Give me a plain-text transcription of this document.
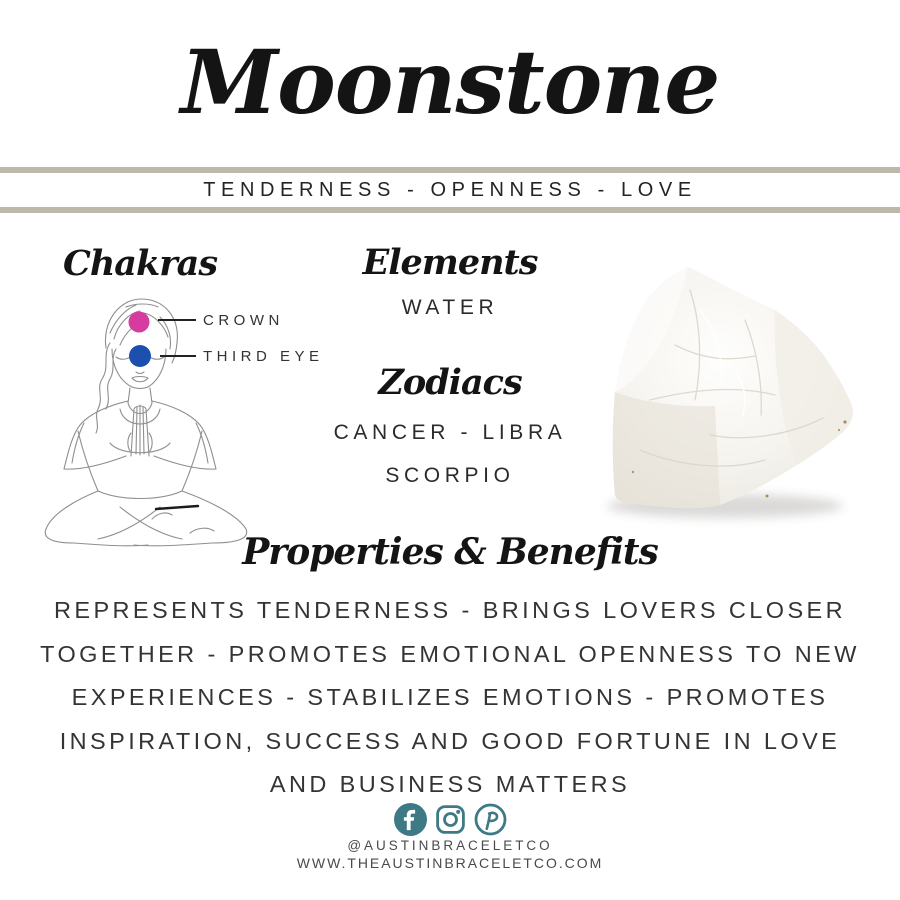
Moonstone
TENDERNESS - OPENNESS - LOVE
Chakras
CROWN
THIRD EYE
Elements
WATER
Zodiacs
CANCER - LIBRA
SCORPIO
Properties & Benefits
REPRESENTS TENDERNESS - BRINGS LOVERS CLOSER
TOGETHER - PROMOTES EMOTIONAL OPENNESS TO NEW
EXPERIENCES - STABILIZES EMOTIONS - PROMOTES
INSPIRATION, SUCCESS AND GOOD FORTUNE IN LOVE
AND BUSINESS MATTERS
@AUSTINBRACELETCO
WWW.THEAUSTINBRACELETCO.COM
